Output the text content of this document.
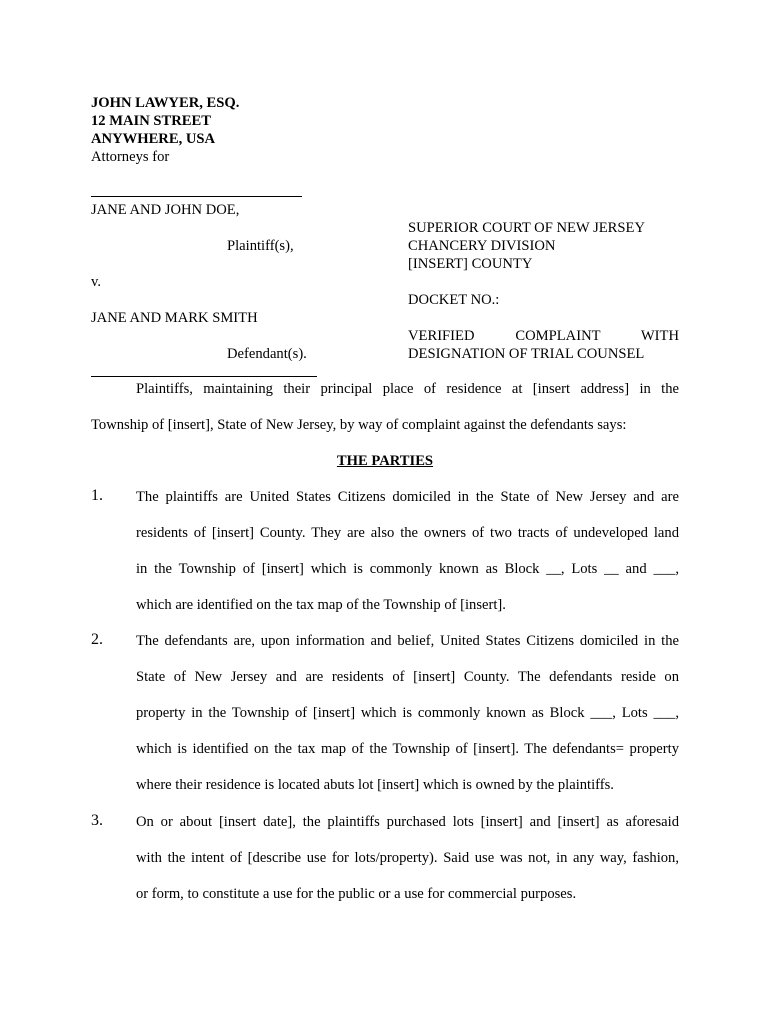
JOHN LAWYER, ESQ.
12 MAIN STREET
ANYWHERE, USA
Attorneys for
JANE AND JOHN DOE,
Plaintiff(s),
v.
JANE AND MARK SMITH
Defendant(s).
SUPERIOR COURT OF NEW JERSEY
CHANCERY DIVISION
[INSERT] COUNTY
DOCKET NO.:
VERIFIED COMPLAINT WITH
DESIGNATION OF TRIAL COUNSEL
Plaintiffs, maintaining their principal place of residence at [insert address] in the
Township of [insert], State of New Jersey, by way of complaint against the defendants says:
THE PARTIES
1. The plaintiffs are United States Citizens domiciled in the State of New Jersey and are
residents of [insert] County. They are also the owners of two tracts of undeveloped land
in the Township of [insert] which is commonly known as Block __, Lots __ and ___,
which are identified on the tax map of the Township of [insert].
2. The defendants are, upon information and belief, United States Citizens domiciled in the
State of New Jersey and are residents of [insert] County. The defendants reside on
property in the Township of [insert] which is commonly known as Block ___, Lots ___,
which is identified on the tax map of the Township of [insert]. The defendants= property
where their residence is located abuts lot [insert] which is owned by the plaintiffs.
3. On or about [insert date], the plaintiffs purchased lots [insert] and [insert] as aforesaid
with the intent of [describe use for lots/property). Said use was not, in any way, fashion,
or form, to constitute a use for the public or a use for commercial purposes.
